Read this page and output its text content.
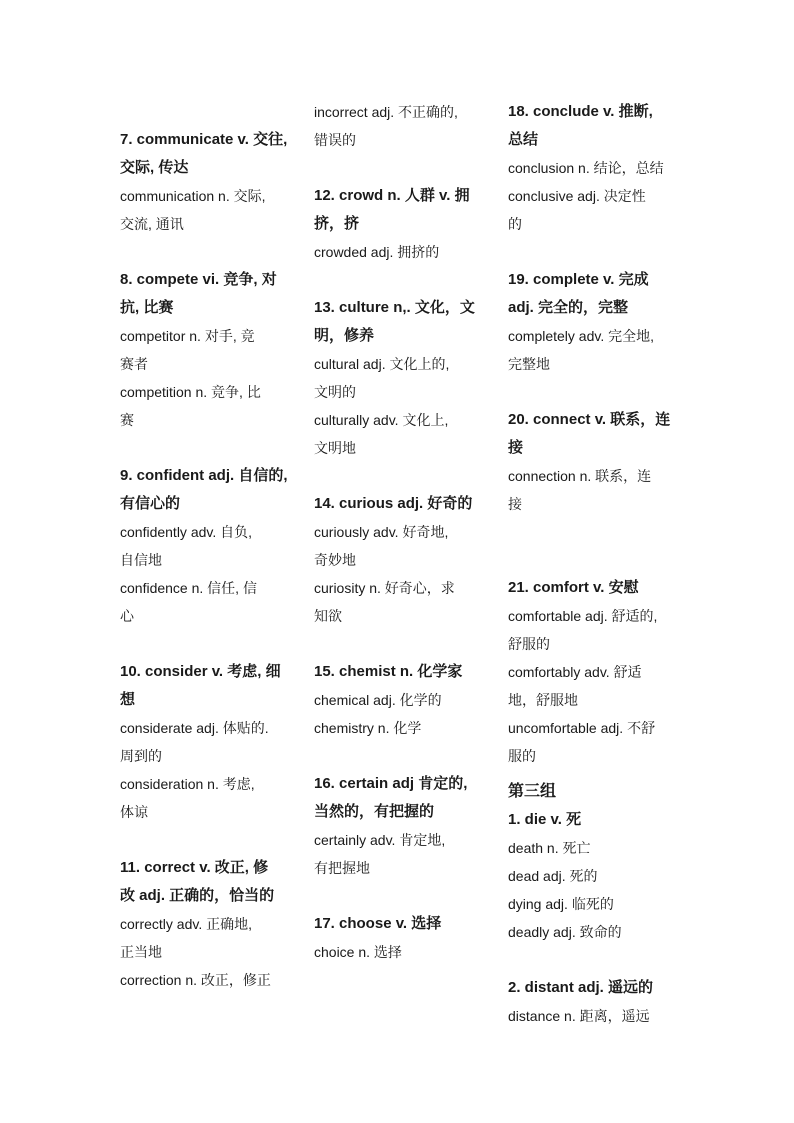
7. communicate v. 交往,
交际, 传达
communication n. 交际,
交流, 通讯
8. compete vi. 竞争, 对
抗, 比赛
competitor n. 对手, 竞
赛者
competition n. 竞争, 比
赛
9. confident adj. 自信的,
有信心的
confidently adv. 自负,
自信地
confidence n. 信任, 信
心
10. consider v. 考虑, 细
想
considerate adj. 体贴的.
周到的
consideration n. 考虑,
体谅
11. correct v. 改正, 修
改 adj. 正确的，恰当的
correctly adv. 正确地,
正当地
correction n. 改正，修正
incorrect adj. 不正确的,
错误的
12. crowd n. 人群 v. 拥
挤，挤
crowded adj. 拥挤的
13. culture n,. 文化，文
明，修养
cultural adj. 文化上的,
文明的
culturally adv. 文化上,
文明地
14. curious adj. 好奇的
curiously adv. 好奇地,
奇妙地
curiosity n. 好奇心，求
知欲
15. chemist n. 化学家
chemical adj. 化学的
chemistry n. 化学
16. certain adj 肯定的,
当然的，有把握的
certainly adv. 肯定地,
有把握地
17. choose v. 选择
choice n. 选择
18. conclude v. 推断,
总结
conclusion n. 结论，总结
conclusive adj. 决定性
的
19. complete v. 完成
adj. 完全的，完整
completely adv. 完全地,
完整地
20. connect v. 联系，连
接
connection n. 联系，连
接
21. comfort v. 安慰
comfortable adj. 舒适的,
舒服的
comfortably adv. 舒适
地，舒服地
uncomfortable adj. 不舒
服的
第三组
1. die v. 死
death n. 死亡
dead adj. 死的
dying adj. 临死的
deadly adj. 致命的
2. distant adj. 遥远的
distance n. 距离，遥远
